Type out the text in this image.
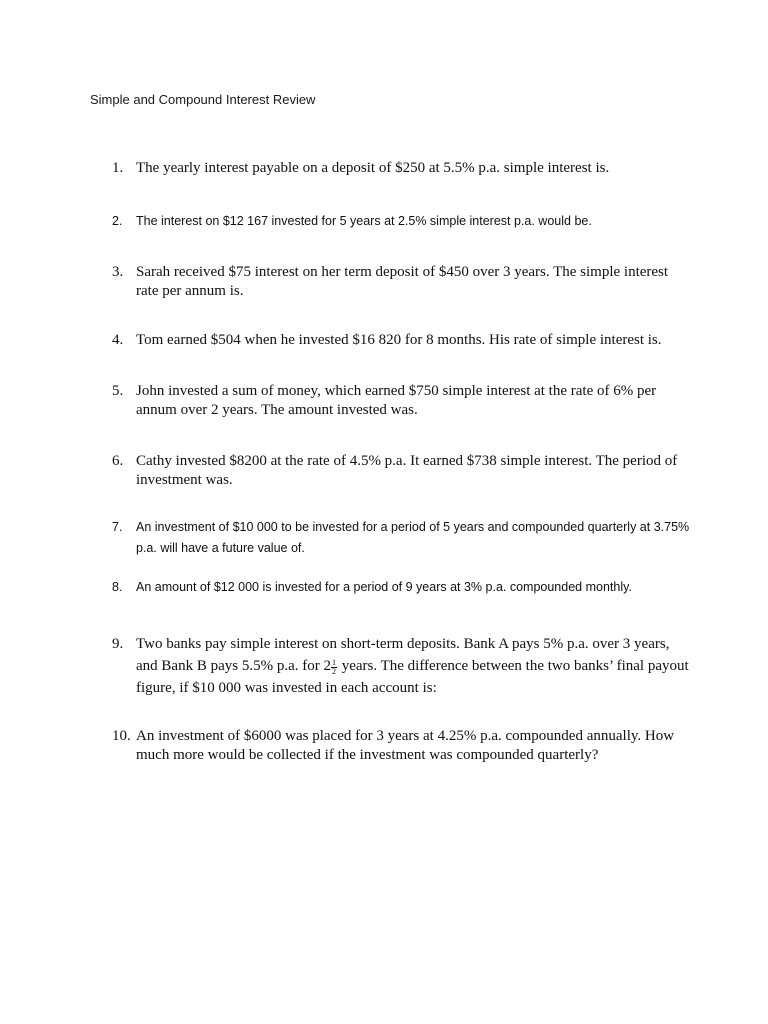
Simple and Compound Interest Review
1. The yearly interest payable on a deposit of $250 at 5.5% p.a. simple interest is.
2.	The interest on $12 167 invested for 5 years at 2.5% simple interest p.a. would be.
3. Sarah received $75 interest on her term deposit of $450 over 3 years. The simple interest rate per annum is.
4. Tom earned $504 when he invested $16 820 for 8 months. His rate of simple interest is.
5. John invested a sum of money, which earned $750 simple interest at the rate of 6% per annum over 2 years. The amount invested was.
6. Cathy invested $8200 at the rate of 4.5% p.a. It earned $738 simple interest. The period of investment was.
7.	An investment of $10 000 to be invested for a period of 5 years and compounded quarterly at 3.75% p.a. will have a future value of.
8.	An amount of $12 000 is invested for a period of 9 years at 3% p.a. compounded monthly.
9. Two banks pay simple interest on short-term deposits. Bank A pays 5% p.a. over 3 years, and Bank B pays 5.5% p.a. for $2 \frac{1}{2}$ years. The difference between the two banks’ final payout figure, if $10 000 was invested in each account is:
10. An investment of $6000 was placed for 3 years at 4.25% p.a. compounded annually. How much more would be collected if the investment was compounded quarterly?
